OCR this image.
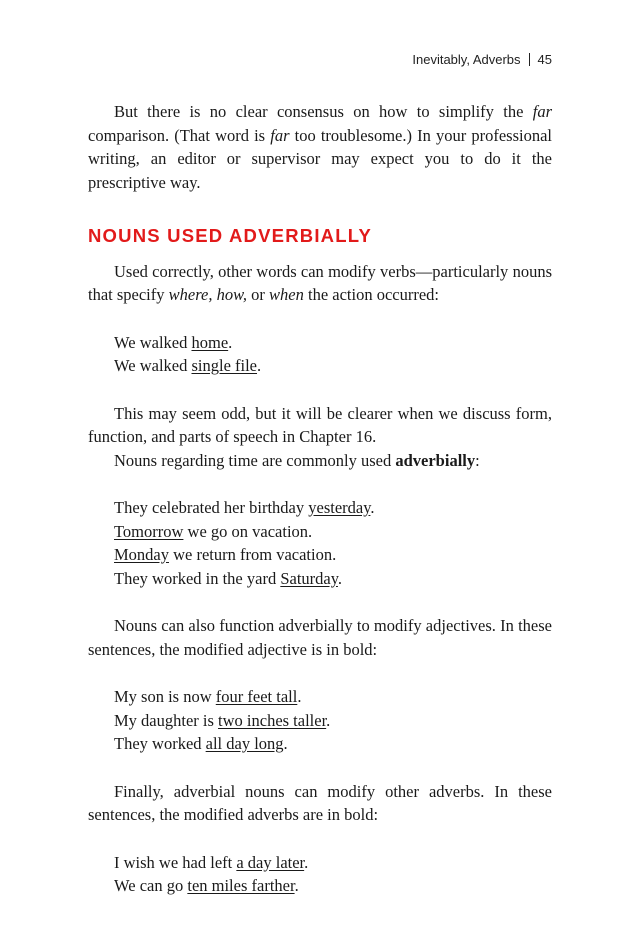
Inevitably, Adverbs 45

But there is no clear consensus on how to simplify the far comparison. (That word is far too troublesome.) In your professional writing, an editor or supervisor may expect you to do it the prescriptive way.

NOUNS USED ADVERBIALLY

Used correctly, other words can modify verbs—particularly nouns that specify where, how, or when the action occurred:

We walked home.
We walked single file.

This may seem odd, but it will be clearer when we discuss form, function, and parts of speech in Chapter 16.

Nouns regarding time are commonly used adverbially:

They celebrated her birthday yesterday.
Tomorrow we go on vacation.
Monday we return from vacation.
They worked in the yard Saturday.

Nouns can also function adverbially to modify adjectives. In these sentences, the modified adjective is in bold:

My son is now four feet tall.
My daughter is two inches taller.
They worked all day long.

Finally, adverbial nouns can modify other adverbs. In these sentences, the modified adverbs are in bold:

I wish we had left a day later.
We can go ten miles farther.
